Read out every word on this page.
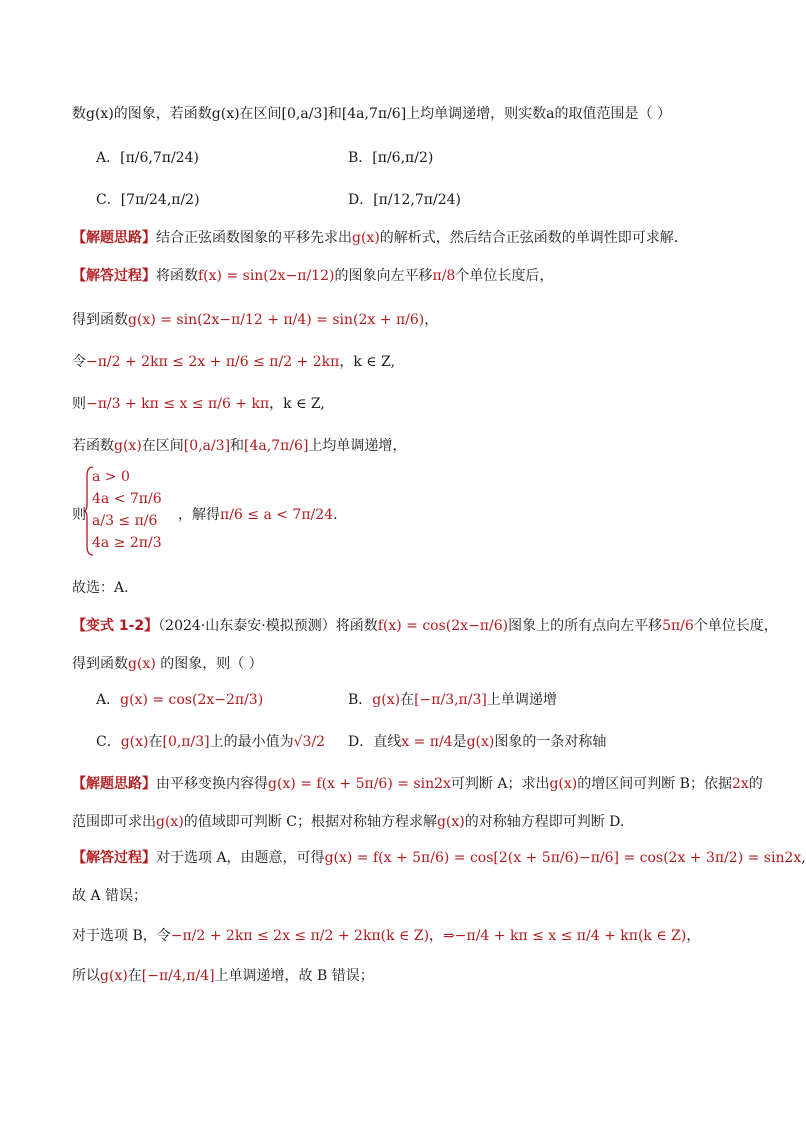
数g(x)的图象，若函数g(x)在区间[0,a/3]和[4a,7π/6]上均单调递增，则实数a的取值范围是（ ）
A．[π/6,7π/24)	B．[π/6,π/2)
C．[7π/24,π/2)	D．[π/12,7π/24)
【解题思路】结合正弦函数图象的平移先求出g(x)的解析式，然后结合正弦函数的单调性即可求解．
【解答过程】将函数f(x) = sin(2x−π/12)的图象向左平移π/8个单位长度后，
得到函数g(x) = sin(2x−π/12 + π/4) = sin(2x + π/6)，
令−π/2 + 2kπ ≤ 2x + π/6 ≤ π/2 + 2kπ，k ∈ Z,
则−π/3 + kπ ≤ x ≤ π/6 + kπ，k ∈ Z,
若函数g(x)在区间[0,a/3]和[4a,7π/6]上均单调递增，
则
a > 0
4a < 7π/6
a/3 ≤ π/6
4a ≥ 2π/3
，解得π/6 ≤ a < 7π/24.
故选：A．
【变式 1-2】（2024·山东泰安·模拟预测）将函数f(x) = cos(2x−π/6)图象上的所有点向左平移5π/6个单位长度，
得到函数g(x) 的图象，则（ ）
A．g(x) = cos(2x−2π/3)	B．g(x)在[−π/3,π/3]上单调递增
C．g(x)在[0,π/3]上的最小值为√3/2 D．直线x = π/4是g(x)图象的一条对称轴
【解题思路】由平移变换内容得g(x) = f(x + 5π/6) = sin2x可判断 A；求出g(x)的增区间可判断 B；依据2x的
范围即可求出g(x)的值域即可判断 C；根据对称轴方程求解g(x)的对称轴方程即可判断 D.
【解答过程】对于选项 A，由题意，可得g(x) = f(x + 5π/6) = cos[2(x + 5π/6)−π/6] = cos(2x + 3π/2) = sin2x,
故 A 错误；
对于选项 B，令−π/2 + 2kπ ≤ 2x ≤ π/2 + 2kπ(k ∈ Z)，⇒−π/4 + kπ ≤ x ≤ π/4 + kπ(k ∈ Z)，
所以g(x)在[−π/4,π/4]上单调递增，故 B 错误；
